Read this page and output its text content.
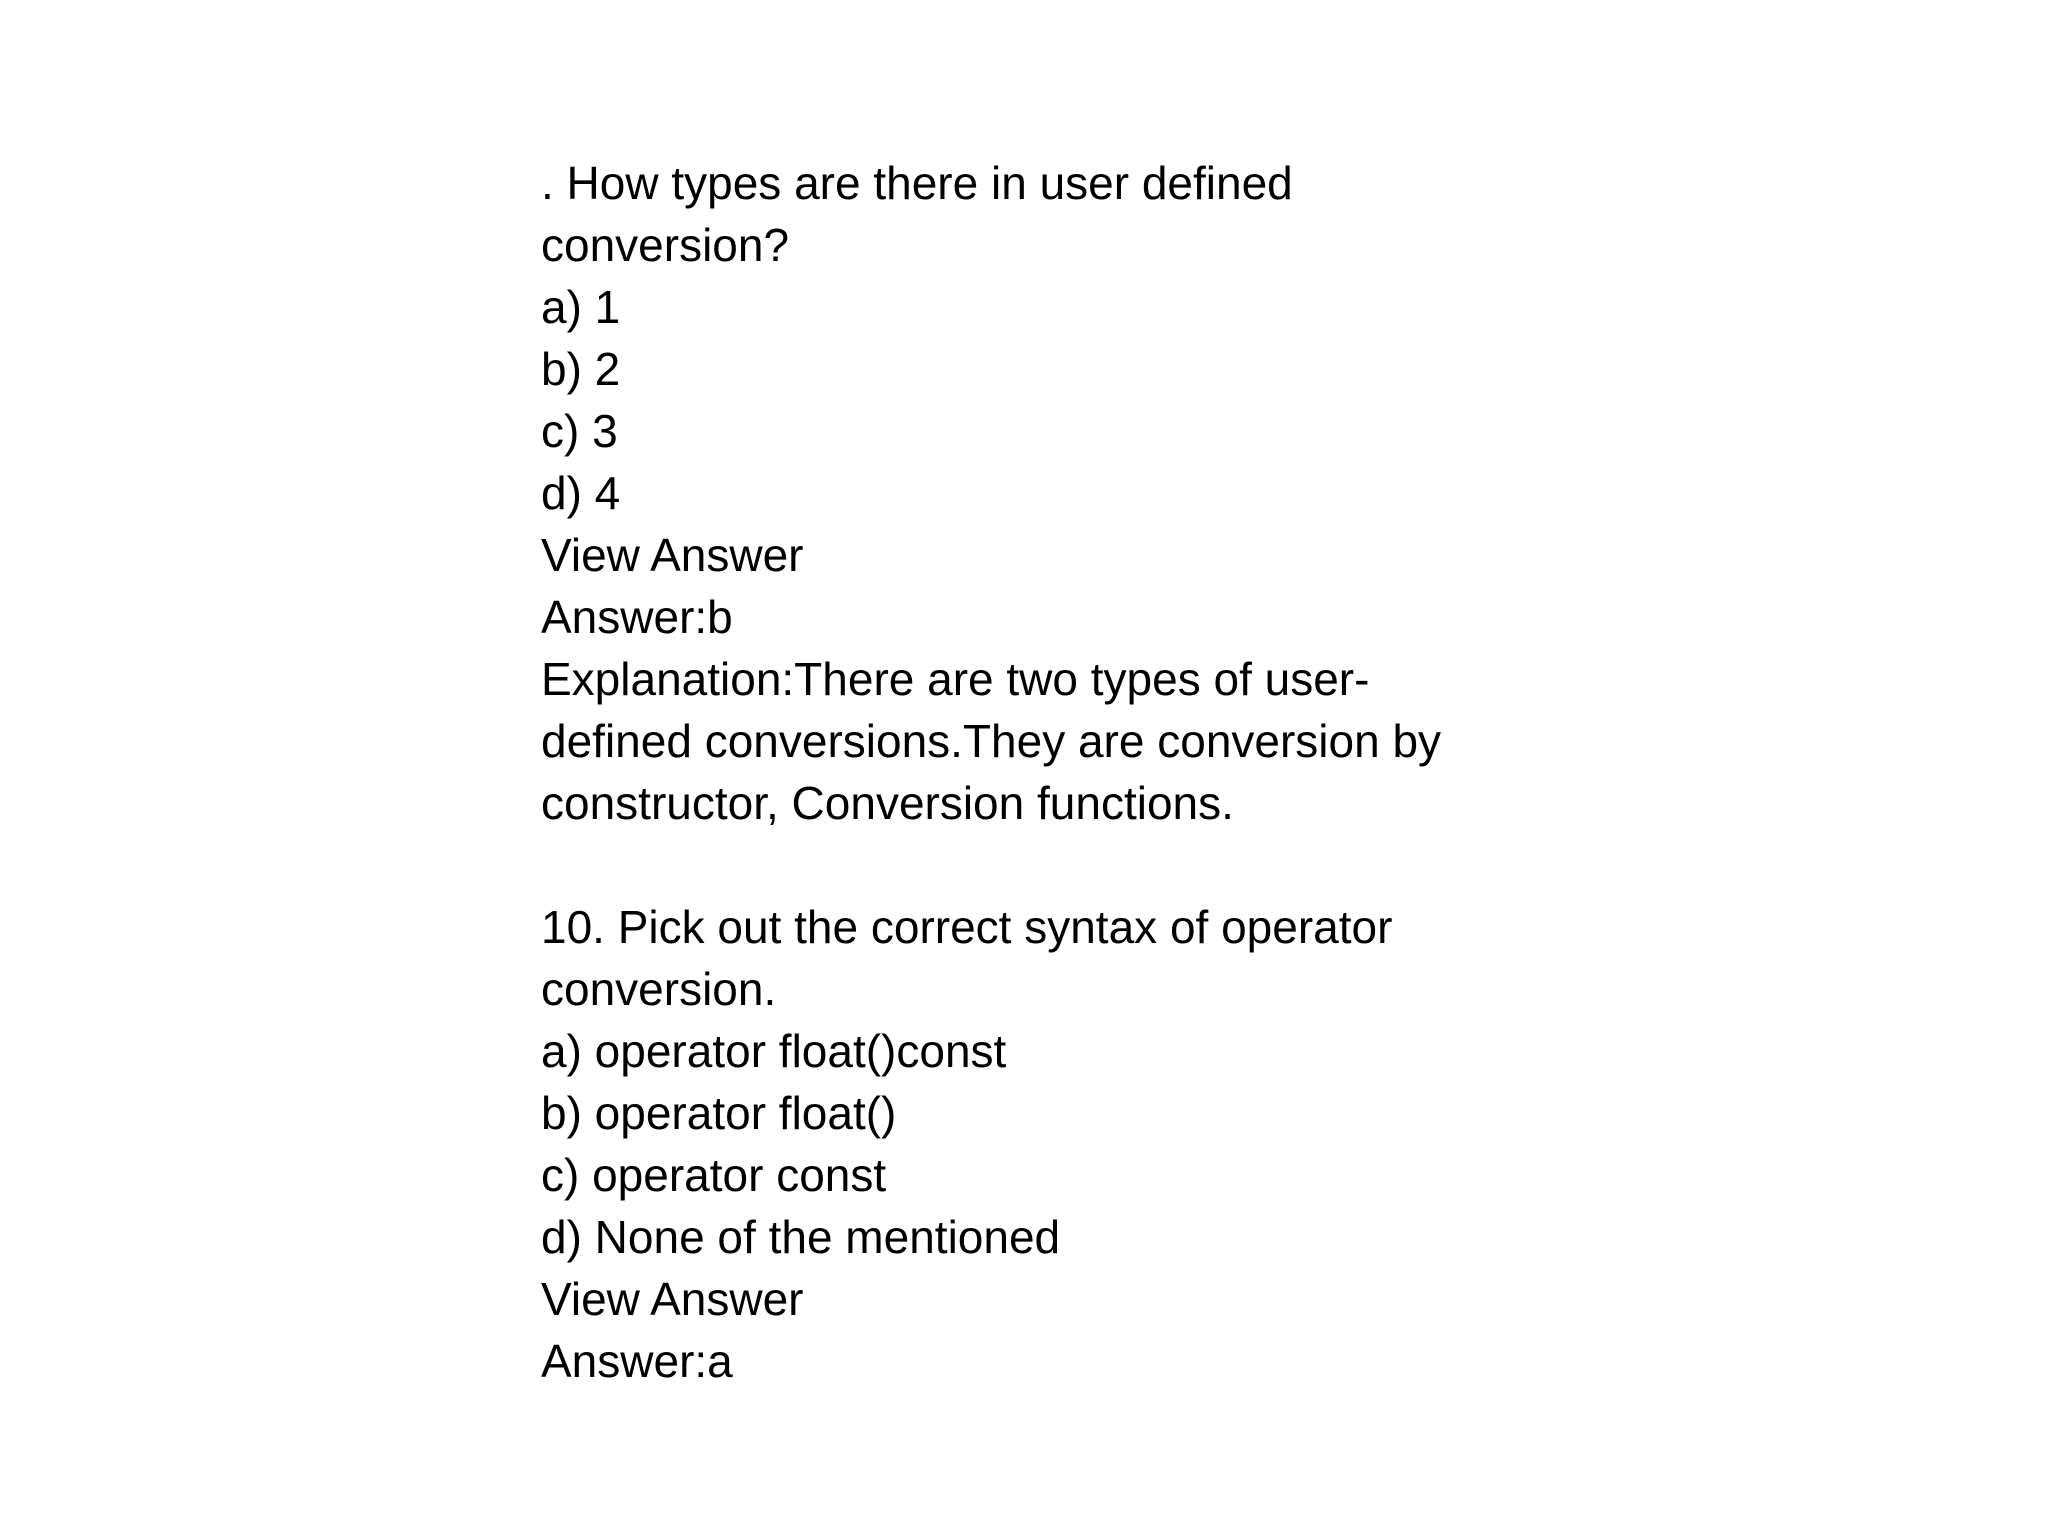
. How types are there in user defined
conversion?
a) 1
b) 2
c) 3
d) 4
View Answer
Answer:b
Explanation:There are two types of user-
defined conversions.They are conversion by
constructor, Conversion functions.
10. Pick out the correct syntax of operator
conversion.
a) operator float()const
b) operator float()
c) operator const
d) None of the mentioned
View Answer
Answer:a
